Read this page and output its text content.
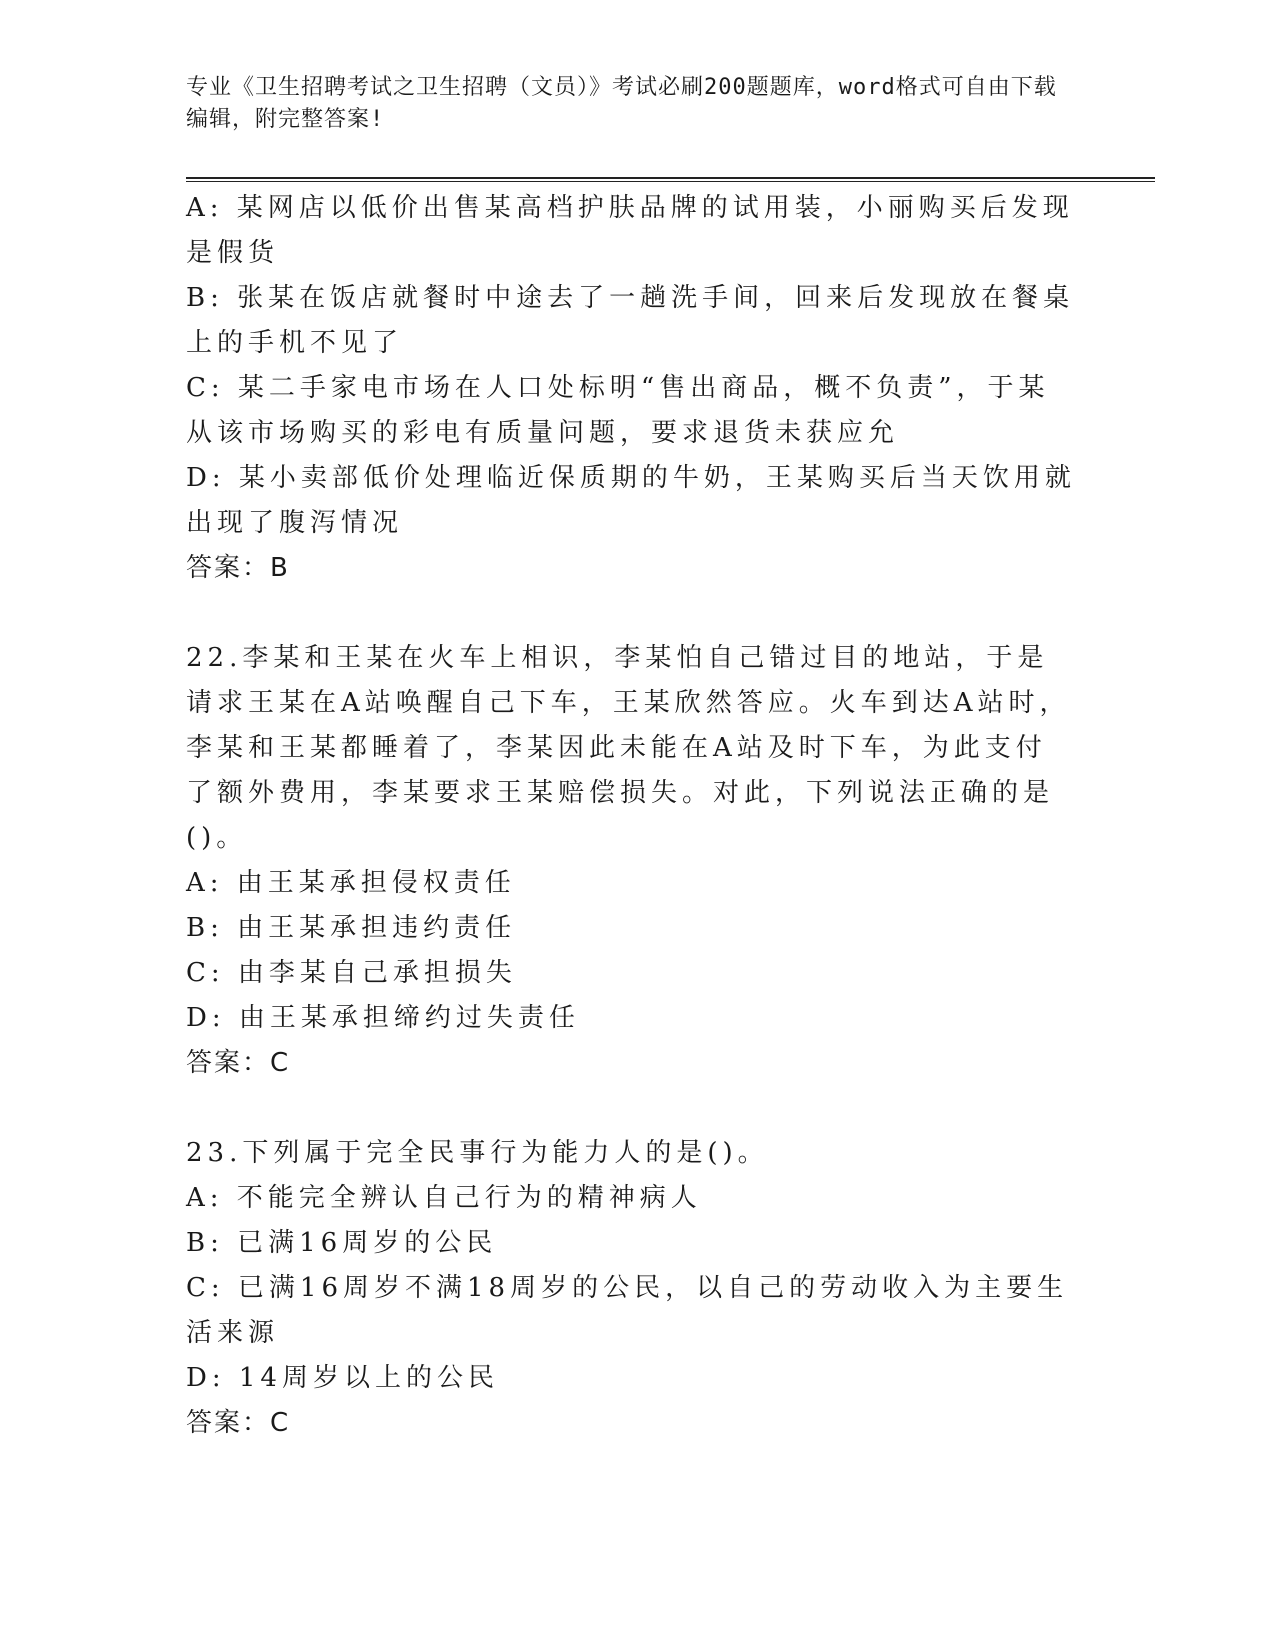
专业《卫生招聘考试之卫生招聘（文员）》考试必刷200题题库，word格式可自由下载编辑，附完整答案!

A: 某网店以低价出售某高档护肤品牌的试用装，小丽购买后发现是假货

B: 张某在饭店就餐时中途去了一趟洗手间，回来后发现放在餐桌上的手机不见了

C: 某二手家电市场在人口处标明“售出商品，概不负责”，于某从该市场购买的彩电有质量问题，要求退货未获应允

D: 某小卖部低价处理临近保质期的牛奶，王某购买后当天饮用就出现了腹泻情况

答案：B

22.李某和王某在火车上相识，李某怕自己错过目的地站，于是请求王某在A站唤醒自己下车，王某欣然答应。火车到达A站时，李某和王某都睡着了，李某因此未能在A站及时下车，为此支付了额外费用，李某要求王某赔偿损失。对此，下列说法正确的是()。

A: 由王某承担侵权责任

B: 由王某承担违约责任

C: 由李某自己承担损失

D: 由王某承担缔约过失责任

答案：C

23.下列属于完全民事行为能力人的是()。

A: 不能完全辨认自己行为的精神病人

B: 已满16周岁的公民

C: 已满16周岁不满18周岁的公民，以自己的劳动收入为主要生活来源

D: 14周岁以上的公民

答案：C
